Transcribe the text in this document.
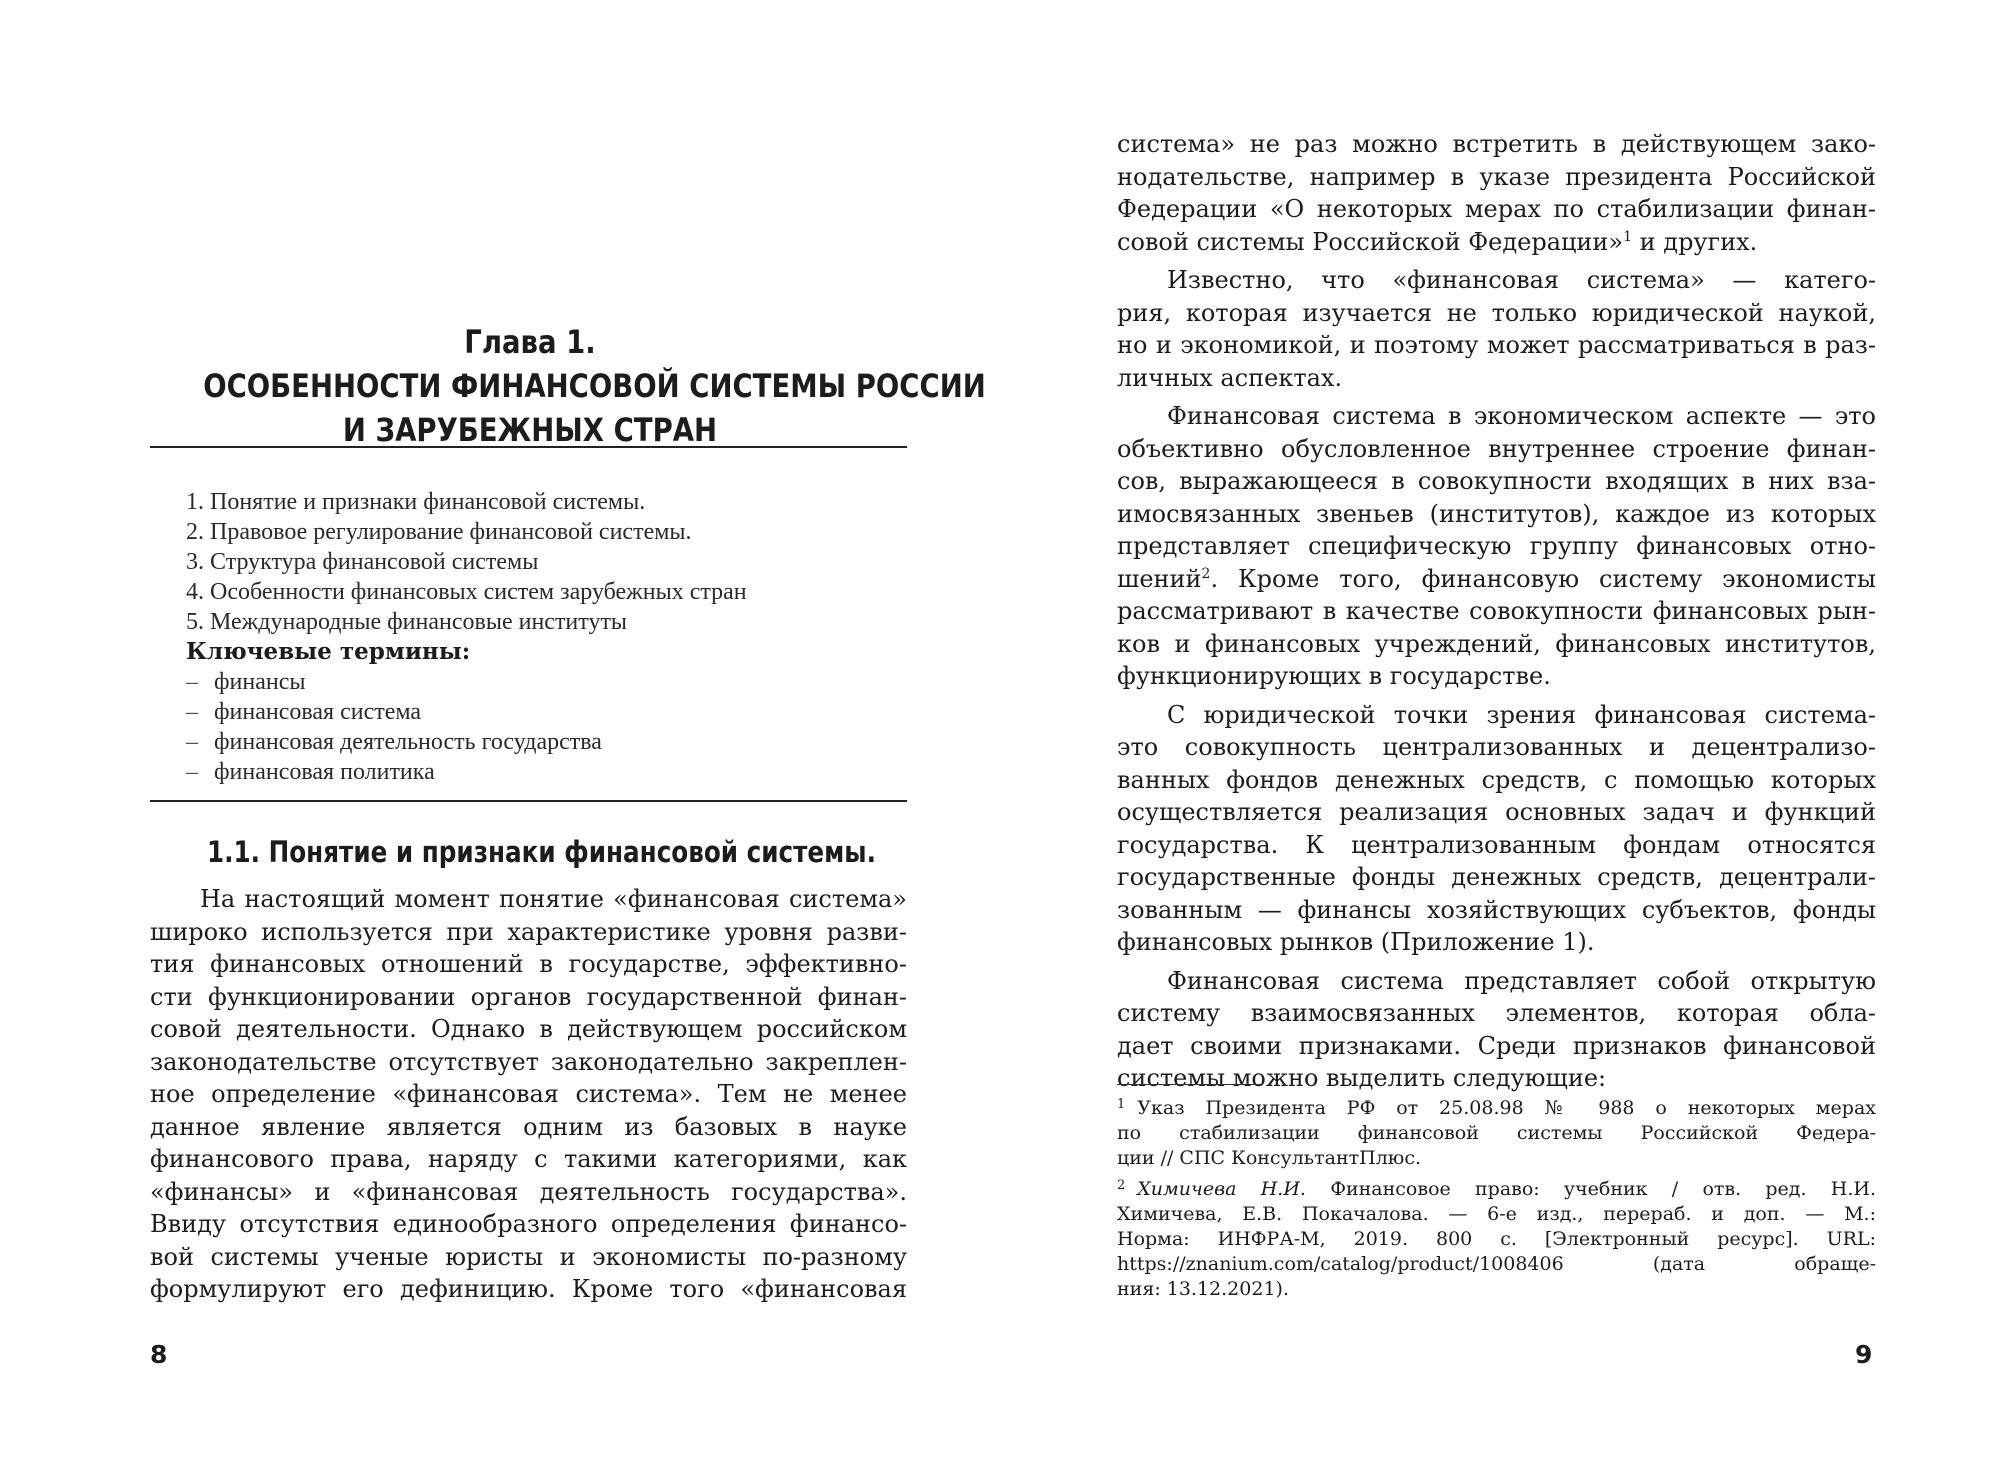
Глава 1.
ОСОБЕННОСТИ ФИНАНСОВОЙ СИСТЕМЫ РОССИИ
И ЗАРУБЕЖНЫХ СТРАН
1. Понятие и признаки финансовой системы.
2. Правовое регулирование финансовой системы.
3. Структура финансовой системы
4. Особенности финансовых систем зарубежных стран
5. Международные финансовые институты
Ключевые термины:
– финансы
– финансовая система
– финансовая деятельность государства
– финансовая политика
1.1. Понятие и признаки финансовой системы.
На настоящий момент понятие «финансовая система»
широко используется при характеристике уровня разви-
тия финансовых отношений в государстве, эффективно-
сти функционировании органов государственной финан-
совой деятельности. Однако в действующем российском
законодательстве отсутствует законодательно закреплен-
ное определение «финансовая система». Тем не менее
данное явление является одним из базовых в науке
финансового права, наряду с такими категориями, как
«финансы» и «финансовая деятельность государства».
Ввиду отсутствия единообразного определения финансо-
вой системы ученые юристы и экономисты по-разному
формулируют его дефиницию. Кроме того «финансовая
8

система» не раз можно встретить в действующем зако-
нодательстве, например в указе президента Российской
Федерации «О некоторых мерах по стабилизации финан-
совой системы Российской Федерации»$^1$ и других.

Известно, что «финансовая система» — катего-
рия, которая изучается не только юридической наукой,
но и экономикой, и поэтому может рассматриваться в раз-
личных аспектах.

Финансовая система в экономическом аспекте — это
объективно обусловленное внутреннее строение финан-
сов, выражающееся в совокупности входящих в них вза-
имосвязанных звеньев (институтов), каждое из которых
представляет специфическую группу финансовых отно-
шений$^2$. Кроме того, финансовую систему экономисты
рассматривают в качестве совокупности финансовых рын-
ков и финансовых учреждений, финансовых институтов,
функционирующих в государстве.

С юридической точки зрения финансовая система-
это совокупность централизованных и децентрализо-
ванных фондов денежных средств, с помощью которых
осуществляется реализация основных задач и функций
государства. К централизованным фондам относятся
государственные фонды денежных средств, децентрали-
зованным — финансы хозяйствующих субъектов, фонды
финансовых рынков (Приложение 1).

Финансовая система представляет собой открытую
систему взаимосвязанных элементов, которая обла-
дает своими признаками. Среди признаков финансовой
системы можно выделить следующие:

$^1$ Указ Президента РФ от 25.08.98 № 988 о некоторых мерах
по стабилизации финансовой системы Российской Федера-
ции // СПС КонсультантПлюс.
$^2$ Химичева Н.И. Финансовое право: учебник / отв. ред. Н.И.
Химичева, Е.В. Покачалова. — 6-е изд., перераб. и доп. — М.:
Норма: ИНФРА-М, 2019. 800 с. [Электронный ресурс]. URL:
https://znanium.com/catalog/product/1008406 (дата обраще-
ния: 13.12.2021).
9
